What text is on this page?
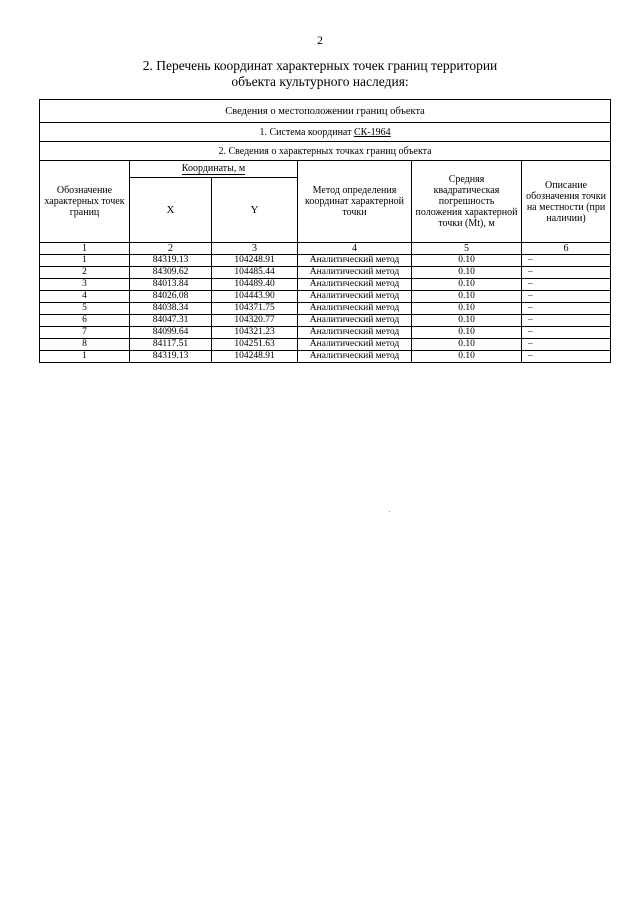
2
2. Перечень координат характерных точек границ территории
объекта культурного наследия:
Сведения о местоположении границ объекта					
1. Система координат СК-1964					
2. Сведения о характерных точках границ объекта					
Обозначение характерных точек границ	Координаты, м		Метод определения координат характерной точки	Средняя квадратическая погрешность положения характерной точки (Mt), м	Описание обозначения точки на местности (при наличии)
	X	Y			
1	2	3	4	5	6
1	84319.13	104248.91	Аналитический метод	0.10	–
2	84309.62	104485.44	Аналитический метод	0.10	–
3	84013.84	104489.40	Аналитический метод	0.10	–
4	84026.08	104443.90	Аналитический метод	0.10	–
5	84038.34	104371.75	Аналитический метод	0.10	–
6	84047.31	104320.77	Аналитический метод	0.10	–
7	84099.64	104321.23	Аналитический метод	0.10	–
8	84117.51	104251.63	Аналитический метод	0.10	–
1	84319.13	104248.91	Аналитический метод	0.10	–
